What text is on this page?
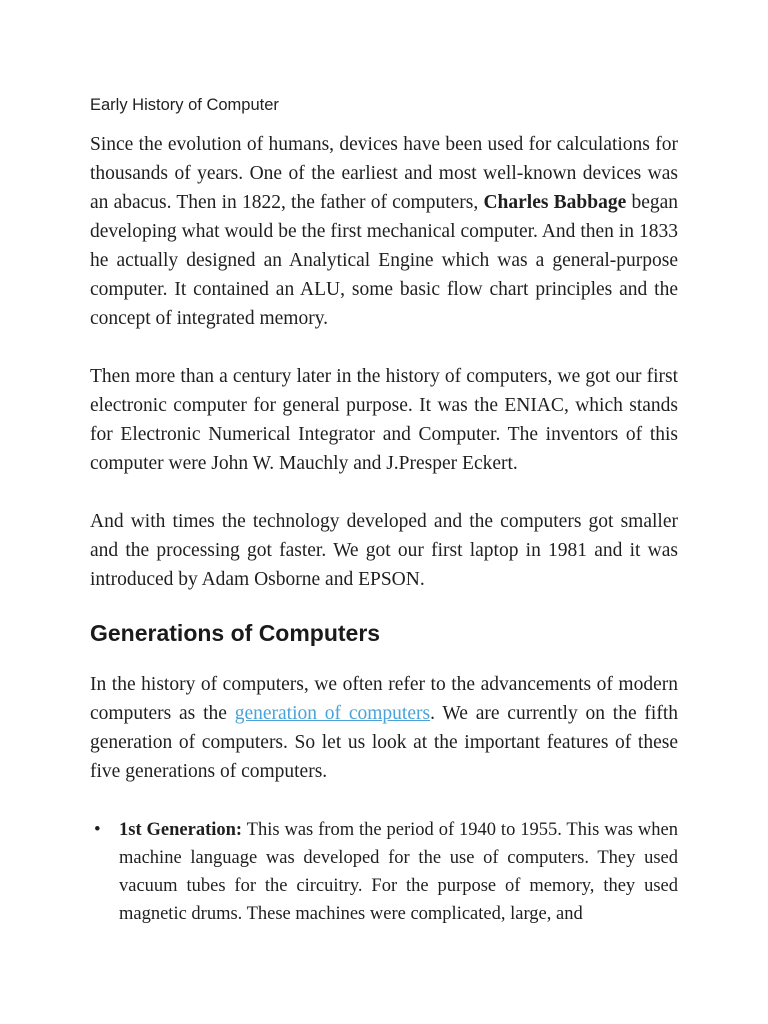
Early History of Computer

Since the evolution of humans, devices have been used for calculations for thousands of years. One of the earliest and most well-known devices was an abacus. Then in 1822, the father of computers, Charles Babbage began developing what would be the first mechanical computer. And then in 1833 he actually designed an Analytical Engine which was a general-purpose computer. It contained an ALU, some basic flow chart principles and the concept of integrated memory.

Then more than a century later in the history of computers, we got our first electronic computer for general purpose. It was the ENIAC, which stands for Electronic Numerical Integrator and Computer. The inventors of this computer were John W. Mauchly and J.Presper Eckert.

And with times the technology developed and the computers got smaller and the processing got faster. We got our first laptop in 1981 and it was introduced by Adam Osborne and EPSON.

Generations of Computers

In the history of computers, we often refer to the advancements of modern computers as the generation of computers. We are currently on the fifth generation of computers. So let us look at the important features of these five generations of computers.

• 1st Generation: This was from the period of 1940 to 1955. This was when machine language was developed for the use of computers. They used vacuum tubes for the circuitry. For the purpose of memory, they used magnetic drums. These machines were complicated, large, and
